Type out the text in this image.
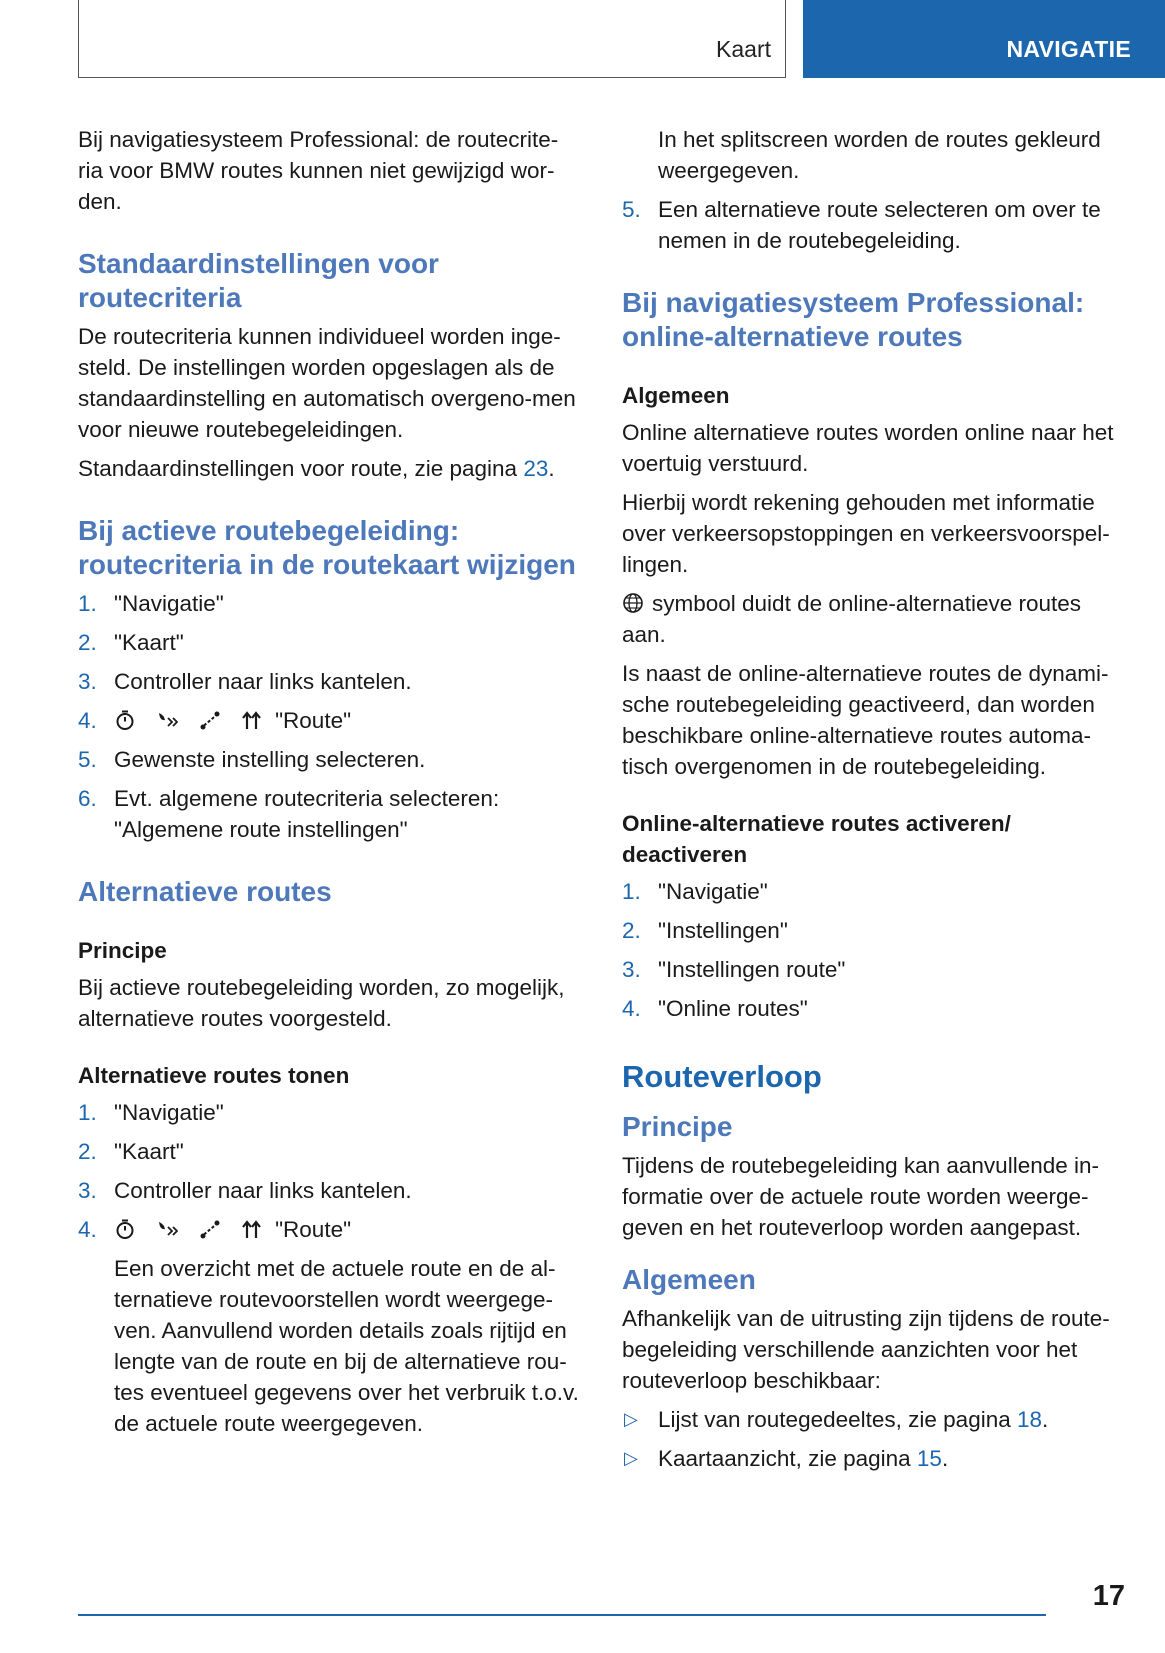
Kaart	NAVIGATIE

Bij navigatiesysteem Professional: de routecrite-ria voor BMW routes kunnen niet gewijzigd wor-den.

Standaardinstellingen voor routecriteria

De routecriteria kunnen individueel worden inge-steld. De instellingen worden opgeslagen als de standaardinstelling en automatisch overgeno-men voor nieuwe routebegeleidingen.

Standaardinstellingen voor route, zie pagina 23.

Bij actieve routebegeleiding: routecriteria in de routekaart wijzigen
1. "Navigatie"
2. "Kaart"
3. Controller naar links kantelen.
4.	"Route"
5. Gewenste instelling selecteren.
6. Evt. algemene routecriteria selecteren: "Algemene route instellingen"
Alternatieve routes
Principe

Bij actieve routebegeleiding worden, zo mogelijk, alternatieve routes voorgesteld.

Alternatieve routes tonen
1. "Navigatie"
2. "Kaart"
3. Controller naar links kantelen.
4.	"Route"

Een overzicht met de actuele route en de al-ternatieve routevoorstellen wordt weergege-ven. Aanvullend worden details zoals rijtijd en lengte van de route en bij de alternatieve rou-tes eventueel gegevens over het verbruik t.o.v. de actuele route weergegeven.

In het splitscreen worden de routes gekleurd weergegeven.

5. Een alternatieve route selecteren om over te nemen in de routebegeleiding.
Bij navigatiesysteem Professional: online-alternatieve routes
Algemeen

Online alternatieve routes worden online naar het voertuig verstuurd.

Hierbij wordt rekening gehouden met informatie over verkeersopstoppingen en verkeersvoorspel-lingen.

symbool duidt de online-alternatieve routes aan.

Is naast de online-alternatieve routes de dynami-sche routebegeleiding geactiveerd, dan worden beschikbare online-alternatieve routes automa-tisch overgenomen in de routebegeleiding.

Online-alternatieve routes activeren/ deactiveren
1. "Navigatie"
2. "Instellingen"
3. "Instellingen route"
4. "Online routes"
Routeverloop
Principe

Tijdens de routebegeleiding kan aanvullende in-formatie over de actuele route worden weerge-geven en het routeverloop worden aangepast.

Algemeen

Afhankelijk van de uitrusting zijn tijdens de route-begeleiding verschillende aanzichten voor het routeverloop beschikbaar:

▷ Lijst van routegedeeltes, zie pagina 18.
▷ Kaartaanzicht, zie pagina 15.
17
